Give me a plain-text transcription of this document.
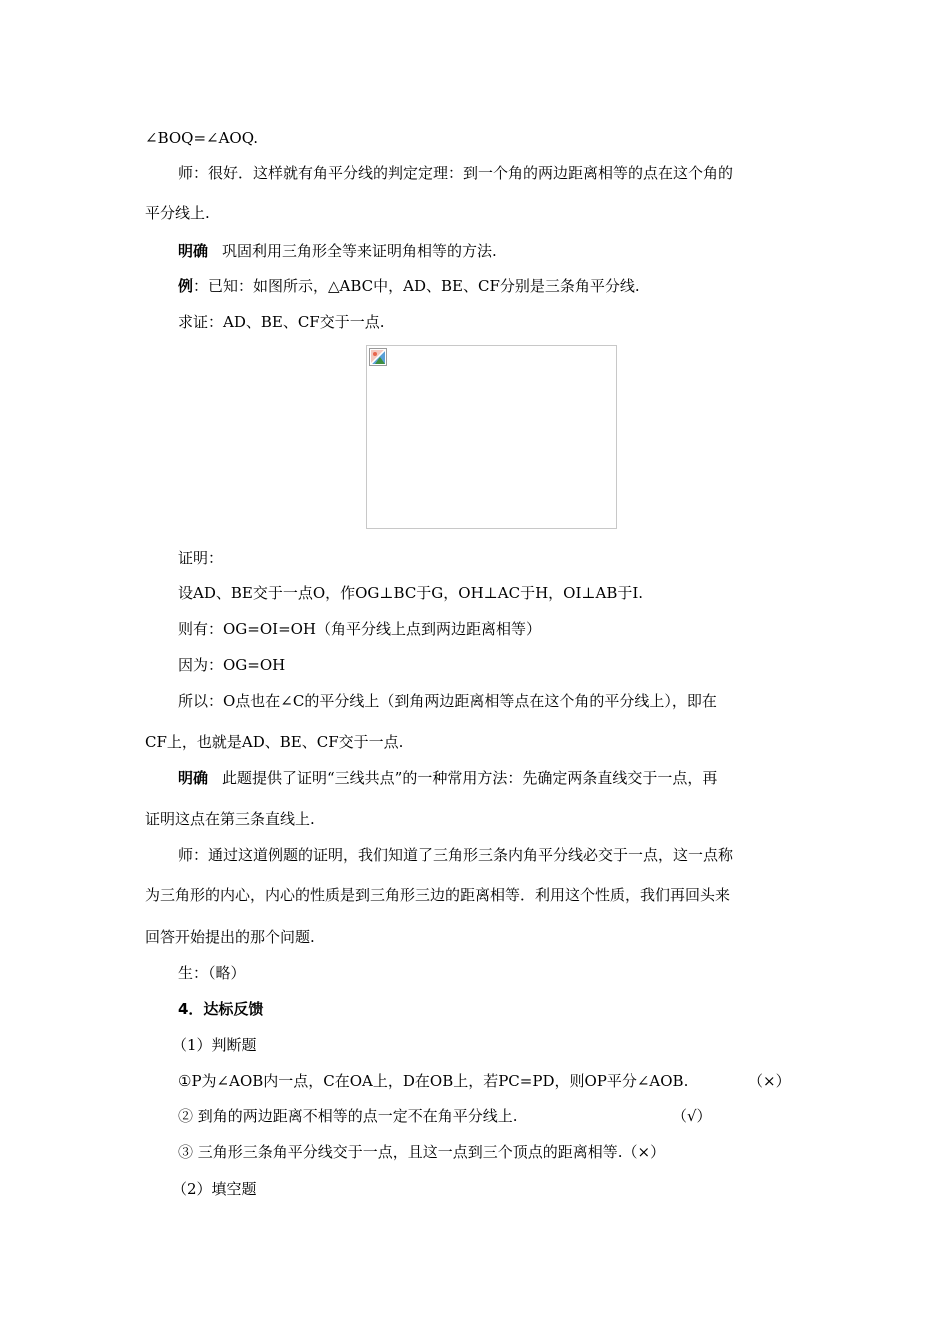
∠BOQ=∠AOQ.
师：很好．这样就有角平分线的判定定理：到一个角的两边距离相等的点在这个角的
平分线上.
明确 巩固利用三角形全等来证明角相等的方法.
例：已知：如图所示，△ABC中，AD、BE、CF分别是三条角平分线.
求证：AD、BE、CF交于一点.
证明：
设AD、BE交于一点O，作OG⊥BC于G，OH⊥AC于H，OI⊥AB于I.
则有：OG=OI=OH（角平分线上点到两边距离相等）
因为：OG=OH
所以：O点也在∠C的平分线上（到角两边距离相等点在这个角的平分线上），即在
CF上，也就是AD、BE、CF交于一点.
明确 此题提供了证明“三线共点”的一种常用方法：先确定两条直线交于一点，再
证明这点在第三条直线上.
师：通过这道例题的证明，我们知道了三角形三条内角平分线必交于一点，这一点称
为三角形的内心，内心的性质是到三角形三边的距离相等．利用这个性质，我们再回头来
回答开始提出的那个问题.
生：（略）
4．达标反馈
（1）判断题
①P为∠AOB内一点，C在OA上，D在OB上，若PC=PD，则OP平分∠AOB.	（×）
② 到角的两边距离不相等的点一定不在角平分线上.	（√）
③ 三角形三条角平分线交于一点，且这一点到三个顶点的距离相等.（×）
（2）填空题
